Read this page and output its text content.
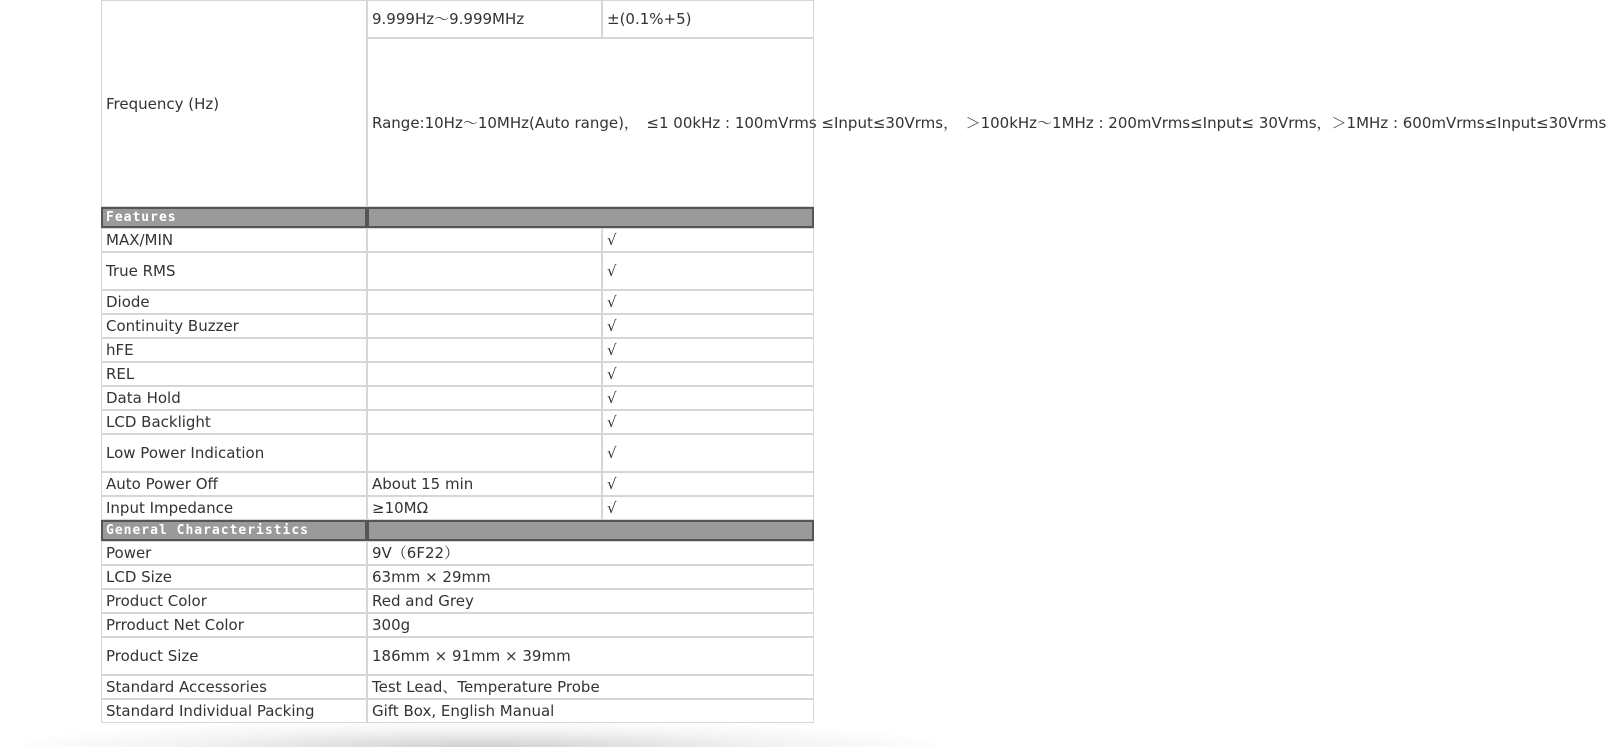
Frequency (Hz)	9.999Hz～9.999MHz	±(0.1%+5)
	Range:10Hz～10MHz(Auto range)，　≤1 00kHz : 100mVrms ≤Input≤30Vrms，　＞100kHz～1MHz : 200mVrms≤Input≤ 30Vrms，＞1MHz : 600mVrms≤Input≤30Vrms	
Features		
MAX/MIN		√
True RMS		√
Diode		√
Continuity Buzzer		√
hFE		√
REL		√
Data Hold		√
LCD Backlight		√
Low Power Indication		√
Auto Power Off	About 15 min	√
Input Impedance	≥10MΩ	√
General Characteristics		
Power	9V（6F22）	
LCD Size	63mm × 29mm	
Product Color	Red and Grey	
Prroduct Net Color	300g	
Product Size	186mm × 91mm × 39mm	
Standard Accessories	Test Lead、Temperature Probe	
Standard Individual Packing	Gift Box, English Manual	
